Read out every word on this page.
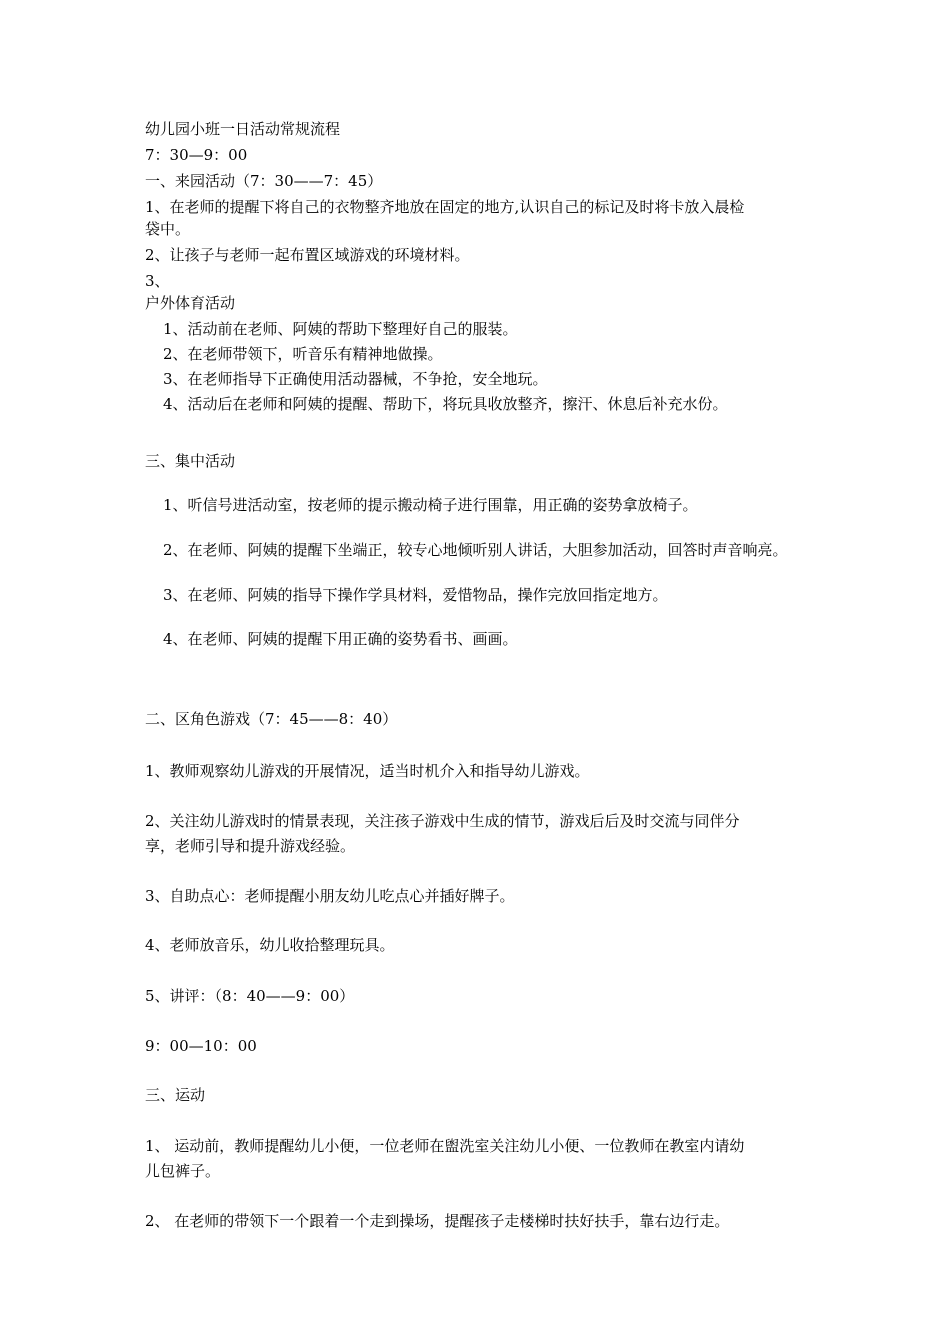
幼儿园小班一日活动常规流程
7：30—9：00
一、来园活动（7：30——7：45）
1、在老师的提醒下将自己的衣物整齐地放在固定的地方,认识自己的标记及时将卡放入晨检
袋中。
2、让孩子与老师一起布置区域游戏的环境材料。
3、
户外体育活动
1、活动前在老师、阿姨的帮助下整理好自己的服装。
2、在老师带领下，听音乐有精神地做操。
3、在老师指导下正确使用活动器械，不争抢，安全地玩。
4、活动后在老师和阿姨的提醒、帮助下，将玩具收放整齐，擦汗、休息后补充水份。
三、集中活动
1、听信号进活动室，按老师的提示搬动椅子进行围靠，用正确的姿势拿放椅子。
2、在老师、阿姨的提醒下坐端正，较专心地倾听别人讲话，大胆参加活动，回答时声音响亮。
3、在老师、阿姨的指导下操作学具材料，爱惜物品，操作完放回指定地方。
4、在老师、阿姨的提醒下用正确的姿势看书、画画。
二、区角色游戏（7：45——8：40）
1、教师观察幼儿游戏的开展情况，适当时机介入和指导幼儿游戏。
2、关注幼儿游戏时的情景表现，关注孩子游戏中生成的情节，游戏后后及时交流与同伴分
享，老师引导和提升游戏经验。
3、自助点心：老师提醒小朋友幼儿吃点心并插好牌子。
4、老师放音乐，幼儿收拾整理玩具。
5、讲评：（8：40——9：00）
9：00—10：00
三、运动
1、 运动前，教师提醒幼儿小便，一位老师在盥洗室关注幼儿小便、一位教师在教室内请幼
儿包裤子。
2、 在老师的带领下一个跟着一个走到操场，提醒孩子走楼梯时扶好扶手，靠右边行走。
